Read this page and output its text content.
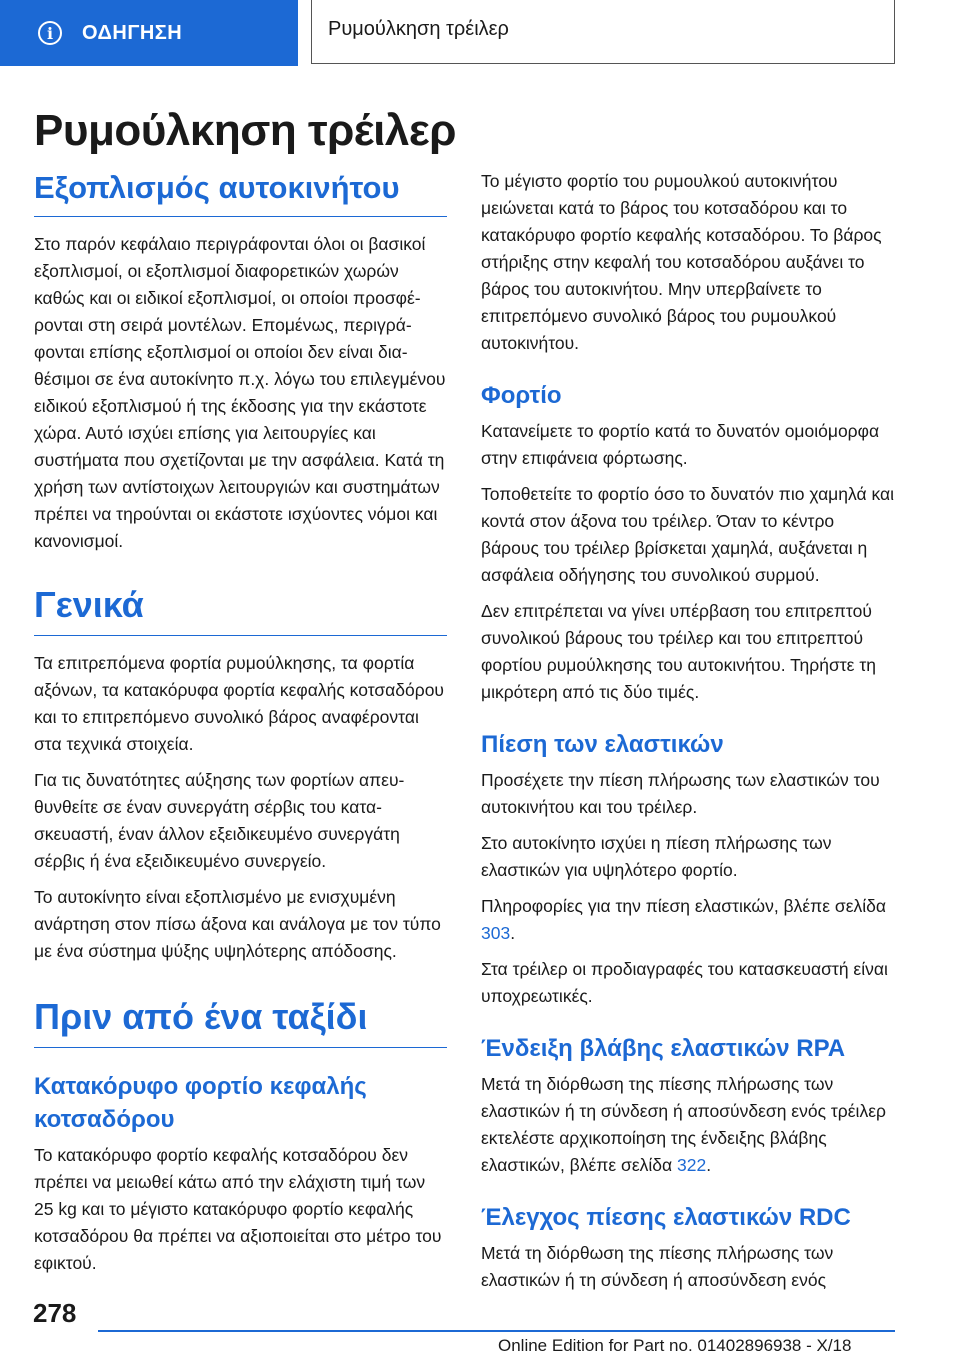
i	ΟΔΗΓΗΣΗ	Ρυμούλκηση τρέιλερ
Ρυμούλκηση τρέιλερ
Εξοπλισμός αυτοκινήτου

Στο παρόν κεφάλαιο περιγράφονται όλοι οι βασικοί εξοπλισμοί, οι εξοπλισμοί διαφορετικών χωρών καθώς και οι ειδικοί εξοπλισμοί, οι οποίοι προσφέρονται στη σειρά μοντέλων. Επομένως, περιγράφονται επίσης εξοπλισμοί οι οποίοι δεν είναι διαθέσιμοι σε ένα αυτοκίνητο π.χ. λόγω του επιλεγμένου ειδικού εξοπλισμού ή της έκδοσης για την εκάστοτε χώρα. Αυτό ισχύει επίσης για λειτουργίες και συστήματα που σχετίζονται με την ασφάλεια. Κατά τη χρήση των αντίστοιχων λειτουργιών και συστημάτων πρέπει να τηρούνται οι εκάστοτε ισχύοντες νόμοι και κανονισμοί.

Γενικά

Τα επιτρεπόμενα φορτία ρυμούλκησης, τα φορτία αξόνων, τα κατακόρυφα φορτία κεφαλής κοτσαδόρου και το επιτρεπόμενο συνολικό βάρος αναφέρονται στα τεχνικά στοιχεία.

Για τις δυνατότητες αύξησης των φορτίων απευθυνθείτε σε έναν συνεργάτη σέρβις του κατασκευαστή, έναν άλλον εξειδικευμένο συνεργάτη σέρβις ή ένα εξειδικευμένο συνεργείο.

Το αυτοκίνητο είναι εξοπλισμένο με ενισχυμένη ανάρτηση στον πίσω άξονα και ανάλογα με τον τύπο με ένα σύστημα ψύξης υψηλότερης απόδοσης.

Πριν από ένα ταξίδι
Κατακόρυφο φορτίο κεφαλής κοτσαδόρου

Το κατακόρυφο φορτίο κεφαλής κοτσαδόρου δεν πρέπει να μειωθεί κάτω από την ελάχιστη τιμή των 25 kg και το μέγιστο κατακόρυφο φορτίο κεφαλής κοτσαδόρου θα πρέπει να αξιοποιείται στο μέτρο του εφικτού.

Το μέγιστο φορτίο του ρυμουλκού αυτοκινήτου μειώνεται κατά το βάρος του κοτσαδόρου και το κατακόρυφο φορτίο κεφαλής κοτσαδόρου. Το βάρος στήριξης στην κεφαλή του κοτσαδόρου αυξάνει το βάρος του αυτοκινήτου. Μην υπερβαίνετε το επιτρεπόμενο συνολικό βάρος του ρυμουλκού αυτοκινήτου.

Φορτίο

Κατανείμετε το φορτίο κατά το δυνατόν ομοιόμορφα στην επιφάνεια φόρτωσης.

Τοποθετείτε το φορτίο όσο το δυνατόν πιο χαμηλά και κοντά στον άξονα του τρέιλερ. Όταν το κέντρο βάρους του τρέιλερ βρίσκεται χαμηλά, αυξάνεται η ασφάλεια οδήγησης του συνολικού συρμού.

Δεν επιτρέπεται να γίνει υπέρβαση του επιτρεπτού συνολικού βάρους του τρέιλερ και του επιτρεπτού φορτίου ρυμούλκησης του αυτοκινήτου. Τηρήστε τη μικρότερη από τις δύο τιμές.

Πίεση των ελαστικών

Προσέχετε την πίεση πλήρωσης των ελαστικών του αυτοκινήτου και του τρέιλερ.

Στο αυτοκίνητο ισχύει η πίεση πλήρωσης των ελαστικών για υψηλότερο φορτίο.

Πληροφορίες για την πίεση ελαστικών, βλέπε σελίδα 303.

Στα τρέιλερ οι προδιαγραφές του κατασκευαστή είναι υποχρεωτικές.

Ένδειξη βλάβης ελαστικών RPA

Μετά τη διόρθωση της πίεσης πλήρωσης των ελαστικών ή τη σύνδεση ή αποσύνδεση ενός τρέιλερ εκτελέστε αρχικοποίηση της ένδειξης βλάβης ελαστικών, βλέπε σελίδα 322.

Έλεγχος πίεσης ελαστικών RDC

Μετά τη διόρθωση της πίεσης πλήρωσης των ελαστικών ή τη σύνδεση ή αποσύνδεση ενός

278
Online Edition for Part no. 01402896938 - X/18
